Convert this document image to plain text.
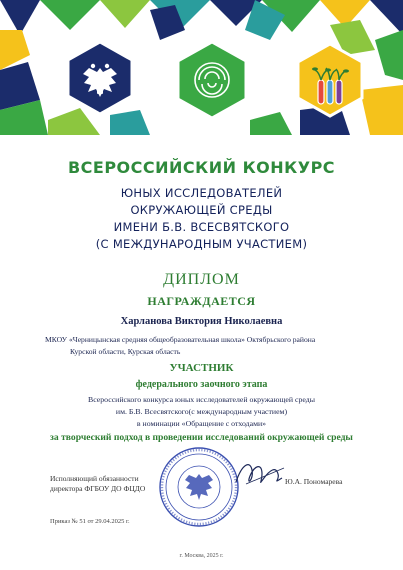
ВСЕРОССИЙСКИЙ КОНКУРС
ЮНЫХ ИССЛЕДОВАТЕЛЕЙ
ОКРУЖАЮЩЕЙ СРЕДЫ
ИМЕНИ Б.В. ВСЕСВЯТСКОГО
(С МЕЖДУНАРОДНЫМ УЧАСТИЕМ)
ДИПЛОМ
НАГРАЖДАЕТСЯ
Харланова Виктория Николаевна
МКОУ «Черницынская средняя общеобразовательная школа» Октябрьского района
Курской области, Курская область
УЧАСТНИК
федерального заочного этапа
Всероссийского конкурса юных исследователей окружающей среды
им. Б.В. Всесвятского(с международным участием)
в номинации «Обращение с отходами»
за творческий подход в проведении исследований окружающей среды
Исполняющий обязанности
директора ФГБОУ ДО ФЦДО
Ю.А. Пономарева
Приказ № 51 от 29.04.2025 г.
г. Москва, 2025 г.
